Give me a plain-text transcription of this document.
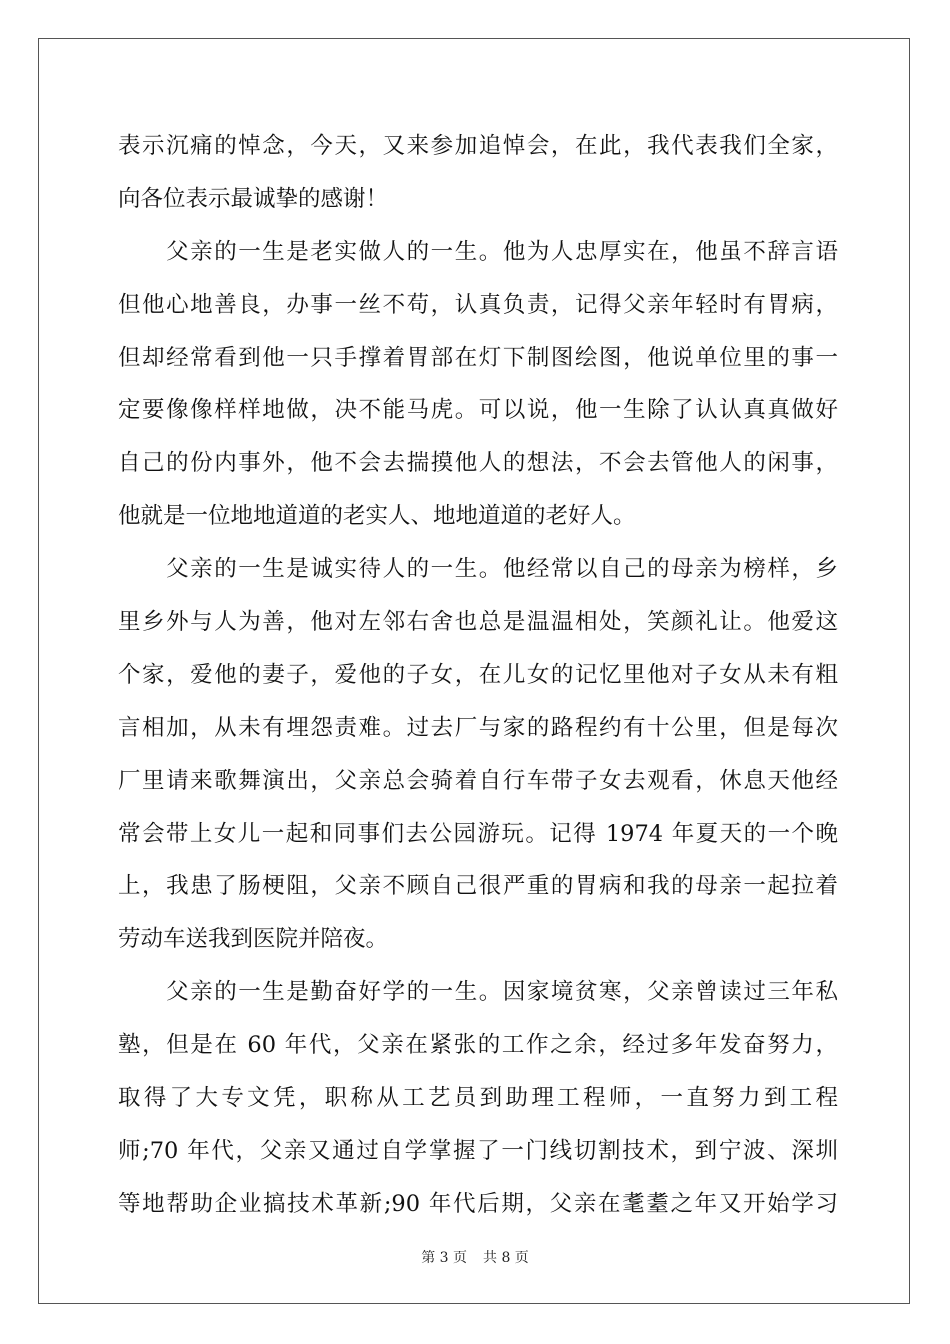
表示沉痛的悼念，今天，又来参加追悼会，在此，我代表我们全家，
向各位表示最诚挚的感谢！
　　父亲的一生是老实做人的一生。他为人忠厚实在，他虽不辞言语
但他心地善良，办事一丝不苟，认真负责，记得父亲年轻时有胃病，
但却经常看到他一只手撑着胃部在灯下制图绘图，他说单位里的事一
定要像像样样地做，决不能马虎。可以说，他一生除了认认真真做好
自己的份内事外，他不会去揣摸他人的想法，不会去管他人的闲事，
他就是一位地地道道的老实人、地地道道的老好人。
　　父亲的一生是诚实待人的一生。他经常以自己的母亲为榜样，乡
里乡外与人为善，他对左邻右舍也总是温温相处，笑颜礼让。他爱这
个家，爱他的妻子，爱他的子女，在儿女的记忆里他对子女从未有粗
言相加，从未有埋怨责难。过去厂与家的路程约有十公里，但是每次
厂里请来歌舞演出，父亲总会骑着自行车带子女去观看，休息天他经
常会带上女儿一起和同事们去公园游玩。记得 1974 年夏天的一个晚
上，我患了肠梗阻，父亲不顾自己很严重的胃病和我的母亲一起拉着
劳动车送我到医院并陪夜。
　　父亲的一生是勤奋好学的一生。因家境贫寒，父亲曾读过三年私
塾，但是在 60 年代，父亲在紧张的工作之余，经过多年发奋努力，
取得了大专文凭，职称从工艺员到助理工程师，一直努力到工程
师;70 年代，父亲又通过自学掌握了一门线切割技术，到宁波、深圳
等地帮助企业搞技术革新;90 年代后期，父亲在耄耋之年又开始学习
第 3 页 共 8 页
